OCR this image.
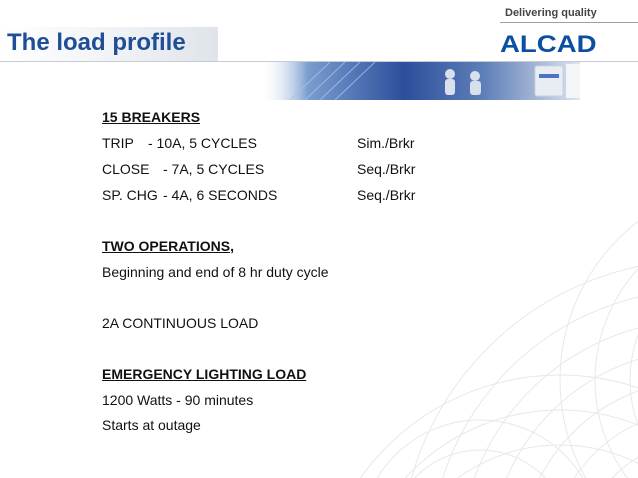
Delivering quality
The load profile	ALCAD
15 BREAKERS
TRIP - 10A, 5 CYCLES	Sim./Brkr
CLOSE - 7A, 5 CYCLES	Seq./Brkr
SP. CHG - 4A, 6 SECONDS	Seq./Brkr
TWO OPERATIONS,
Beginning and end of 8 hr duty cycle
2A CONTINUOUS LOAD
EMERGENCY LIGHTING LOAD
1200 Watts - 90 minutes
Starts at outage
